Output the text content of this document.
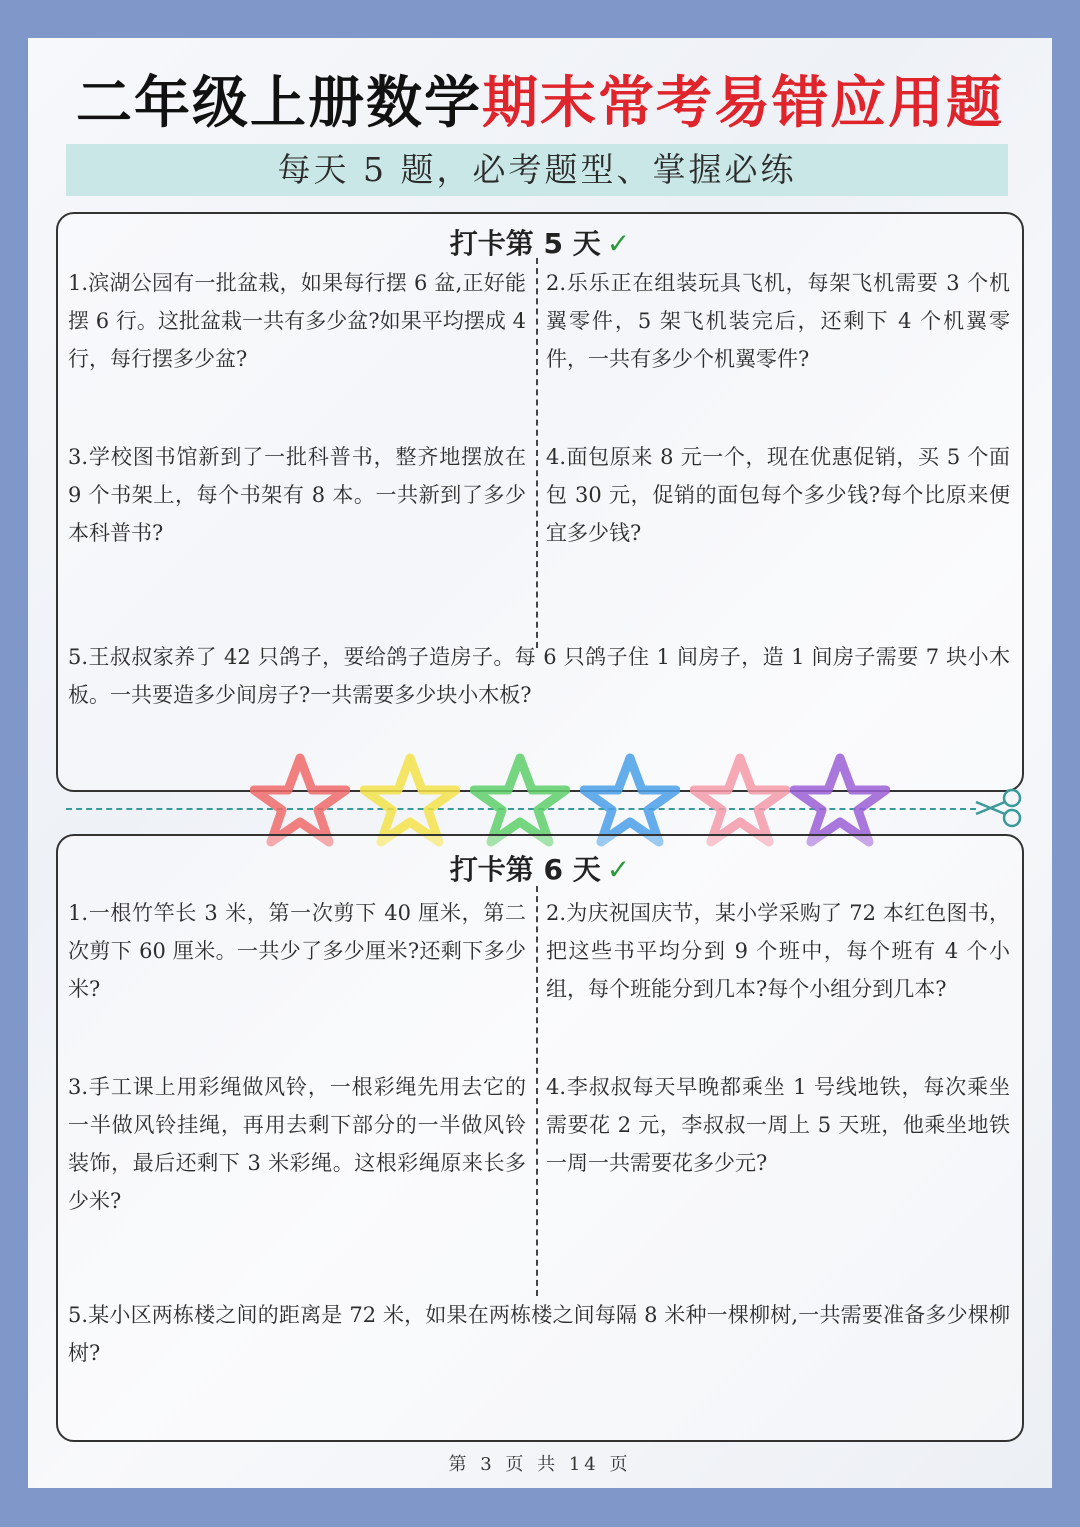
二年级上册数学期末常考易错应用题
每天 5 题，必考题型、掌握必练
打卡第 5 天 ✓

1.滨湖公园有一批盆栽，如果每行摆 6 盆,正好能摆 6 行。这批盆栽一共有多少盆?如果平均摆成 4 行，每行摆多少盆?

2.乐乐正在组装玩具飞机，每架飞机需要 3 个机翼零件，5 架飞机装完后，还剩下 4 个机翼零件，一共有多少个机翼零件?

3.学校图书馆新到了一批科普书，整齐地摆放在 9 个书架上，每个书架有 8 本。一共新到了多少本科普书?

4.面包原来 8 元一个，现在优惠促销，买 5 个面包 30 元，促销的面包每个多少钱?每个比原来便宜多少钱?

5.王叔叔家养了 42 只鸽子，要给鸽子造房子。每 6 只鸽子住 1 间房子，造 1 间房子需要 7 块小木板。一共要造多少间房子?一共需要多少块小木板?

打卡第 6 天 ✓

1.一根竹竿长 3 米，第一次剪下 40 厘米，第二次剪下 60 厘米。一共少了多少厘米?还剩下多少米?

2.为庆祝国庆节，某小学采购了 72 本红色图书，把这些书平均分到 9 个班中，每个班有 4 个小组，每个班能分到几本?每个小组分到几本?

3.手工课上用彩绳做风铃，一根彩绳先用去它的一半做风铃挂绳，再用去剩下部分的一半做风铃装饰，最后还剩下 3 米彩绳。这根彩绳原来长多少米?

4.李叔叔每天早晚都乘坐 1 号线地铁，每次乘坐需要花 2 元，李叔叔一周上 5 天班，他乘坐地铁一周一共需要花多少元?

5.某小区两栋楼之间的距离是 72 米，如果在两栋楼之间每隔 8 米种一棵柳树,一共需要准备多少棵柳树?

第 3 页 共 14 页
